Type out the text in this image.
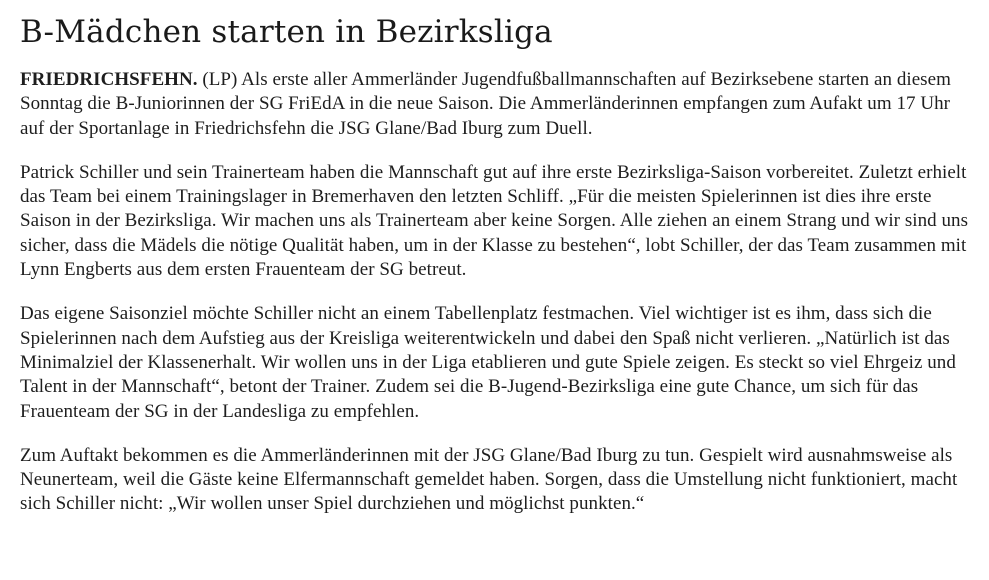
B-Mädchen starten in Bezirksliga

FRIEDRICHSFEHN. (LP) Als erste aller Ammerländer Jugendfußballmannschaften auf Bezirksebene starten an diesem Sonntag die B-Juniorinnen der SG FriEdA in die neue Saison. Die Ammerländerinnen empfangen zum Aufakt um 17 Uhr auf der Sportanlage in Friedrichsfehn die JSG Glane/Bad Iburg zum Duell.

Patrick Schiller und sein Trainerteam haben die Mannschaft gut auf ihre erste Bezirksliga-Saison vorbereitet. Zuletzt erhielt das Team bei einem Trainingslager in Bremerhaven den letzten Schliff. „Für die meisten Spielerinnen ist dies ihre erste Saison in der Bezirksliga. Wir machen uns als Trainerteam aber keine Sorgen. Alle ziehen an einem Strang und wir sind uns sicher, dass die Mädels die nötige Qualität haben, um in der Klasse zu bestehen“, lobt Schiller, der das Team zusammen mit Lynn Engberts aus dem ersten Frauenteam der SG betreut.

Das eigene Saisonziel möchte Schiller nicht an einem Tabellenplatz festmachen. Viel wichtiger ist es ihm, dass sich die Spielerinnen nach dem Aufstieg aus der Kreisliga weiterentwickeln und dabei den Spaß nicht verlieren. „Natürlich ist das Minimalziel der Klassenerhalt. Wir wollen uns in der Liga etablieren und gute Spiele zeigen. Es steckt so viel Ehrgeiz und Talent in der Mannschaft“, betont der Trainer. Zudem sei die B-Jugend-Bezirksliga eine gute Chance, um sich für das Frauenteam der SG in der Landesliga zu empfehlen.

Zum Auftakt bekommen es die Ammerländerinnen mit der JSG Glane/Bad Iburg zu tun. Gespielt wird ausnahmsweise als Neunerteam, weil die Gäste keine Elfermannschaft gemeldet haben. Sorgen, dass die Umstellung nicht funktioniert, macht sich Schiller nicht: „Wir wollen unser Spiel durchziehen und möglichst punkten.“
